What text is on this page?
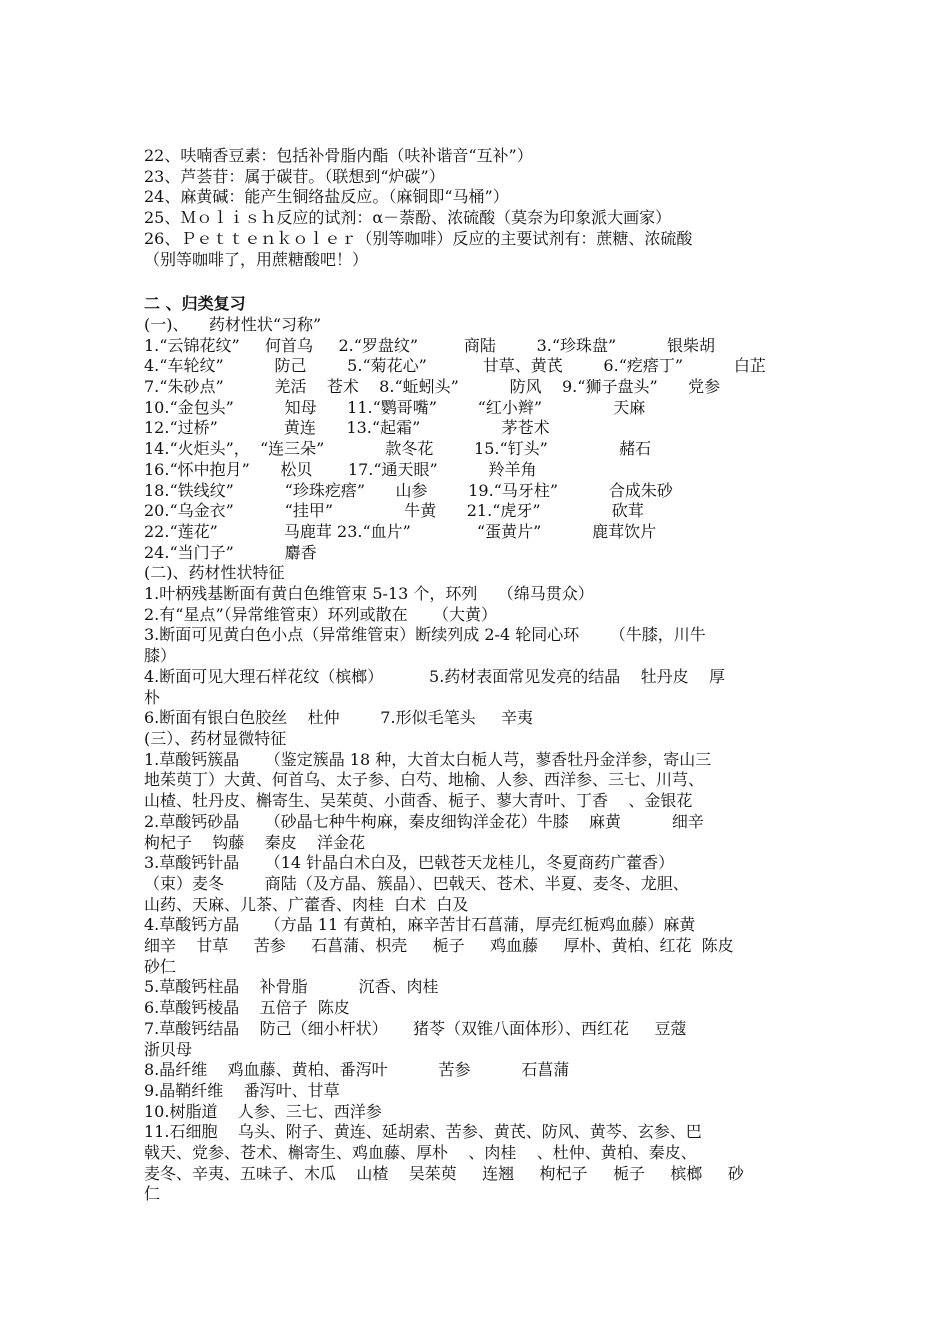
22、呋喃香豆素：包括补骨脂内酯（呋补谐音“互补”）
23、芦荟苷：属于碳苷。（联想到“炉碳”）
24、麻黄碱：能产生铜络盐反应。（麻铜即“马桶”）
25、Ｍｏｌｉｓｈ反应的试剂：α－萘酚、浓硫酸（莫奈为印象派大画家）
26、Ｐｅｔｔｅｎｋｏｌｅｒ（别等咖啡）反应的主要试剂有：蔗糖、浓硫酸
（别等咖啡了，用蔗糖酸吧！）
二 、归类复习
(一)、    药材性状“习称”
1.“云锦花纹”     何首乌     2.“罗盘纹”         商陆        3.“珍珠盘”          银柴胡
4.“车轮纹”          防己        5.“菊花心”           甘草、黄芪        6.“疙瘩丁”          白芷
7.“朱砂点”          羌活    苍术    8.“蚯蚓头”          防风    9.“狮子盘头”      党参
10.“金包头”          知母      11.“鹦哥嘴”        “红小辫”              天麻
12.“过桥”             黄连      13.“起霜”                茅苍术
14.“火炬头”，  “连三朵”            款冬花        15.“钉头”              赭石
16.“怀中抱月”      松贝       17.“通天眼”          羚羊角
18.“铁线纹”          “珍珠疙瘩”      山参        19.“马牙柱”          合成朱砂
20.“乌金衣”          “挂甲”              牛黄      21.“虎牙”              砍茸
22.“莲花”             马鹿茸 23.“血片”             “蛋黄片”          鹿茸饮片
24.“当门子”          麝香
(二)、药材性状特征
1.叶柄残基断面有黄白色维管束 5-13 个，环列    （绵马贯众）
2.有“星点”（异常维管束）环列或散在     （大黄）
3.断面可见黄白色小点（异常维管束）断续列成 2-4 轮同心环      （牛膝，川牛
膝）
4.断面可见大理石样花纹（槟榔）         5.药材表面常见发亮的结晶    牡丹皮    厚
朴
6.断面有银白色胶丝    杜仲        7.形似毛笔头     辛夷
(三）、药材显微特征
1.草酸钙簇晶     （鉴定簇晶 18 种，大首太白栀人芎，蓼香牡丹金洋参，寄山三
地茱萸丁）大黄、何首乌、太子参、白芍、地榆、人参、西洋参、三七、川芎、
山楂、牡丹皮、槲寄生、吴茱萸、小茴香、栀子、蓼大青叶、丁香    、金银花
2.草酸钙砂晶     （砂晶七种牛枸麻，秦皮细钩洋金花）牛膝    麻黄          细辛
枸杞子    钩藤    秦皮    洋金花
3.草酸钙针晶     （14 针晶白术白及，巴戟苍天龙桂儿，冬夏商药广藿香）
（束）麦冬        商陆（及方晶、簇晶）、巴戟天、苍术、半夏、麦冬、龙胆、
山药、天麻、儿茶、广藿香、肉桂  白术  白及
4.草酸钙方晶     （方晶 11 有黄柏，麻辛苦甘石菖蒲，厚壳红栀鸡血藤）麻黄
细辛    甘草     苦参     石菖蒲、枳壳     栀子     鸡血藤     厚朴、黄柏、红花  陈皮
砂仁
5.草酸钙柱晶    补骨脂          沉香、肉桂
6.草酸钙棱晶    五倍子  陈皮
7.草酸钙结晶    防己（细小杆状）     猪苓（双锥八面体形）、西红花     豆蔻
浙贝母
8.晶纤维    鸡血藤、黄柏、番泻叶          苦参          石菖蒲
9.晶鞘纤维    番泻叶、甘草
10.树脂道    人参、三七、西洋参
11.石细胞    乌头、附子、黄连、延胡索、苦参、黄芪、防风、黄芩、玄参、巴
戟天、党参、苍术、槲寄生、鸡血藤、厚朴    、肉桂    、杜仲、黄柏、秦皮、
麦冬、辛夷、五味子、木瓜    山楂    吴茱萸     连翘     枸杞子     栀子     槟榔     砂
仁
